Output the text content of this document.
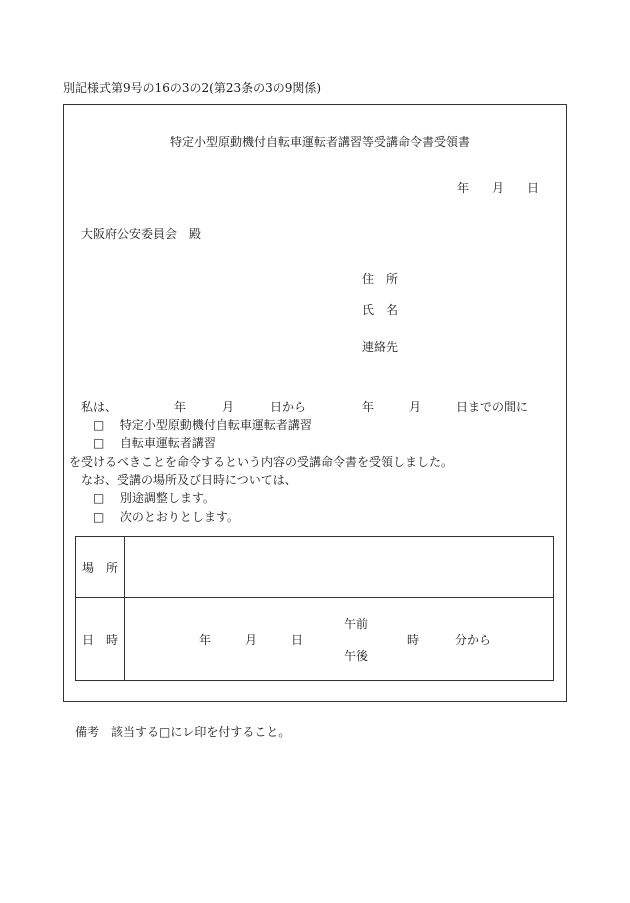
別記様式第9号の16の3の2(第23条の3の9関係)
特定小型原動機付自転車運転者講習等受講命令書受領書
年 月 日
大阪府公安委員会　殿
住　所
氏　名
連絡先
私は、	年	月	日から	年	月	日までの間に
□ 特定小型原動機付自転車運転者講習
□ 自転車運転者講習
を受けるべきことを命令するという内容の受講命令書を受領しました。
なお、受講の場所及び日時については、
□ 別途調整します。
□ 次のとおりとします。
場　所
日　時	年	月	日
午前
午後
時	分から
備考　該当する□にレ印を付すること。
